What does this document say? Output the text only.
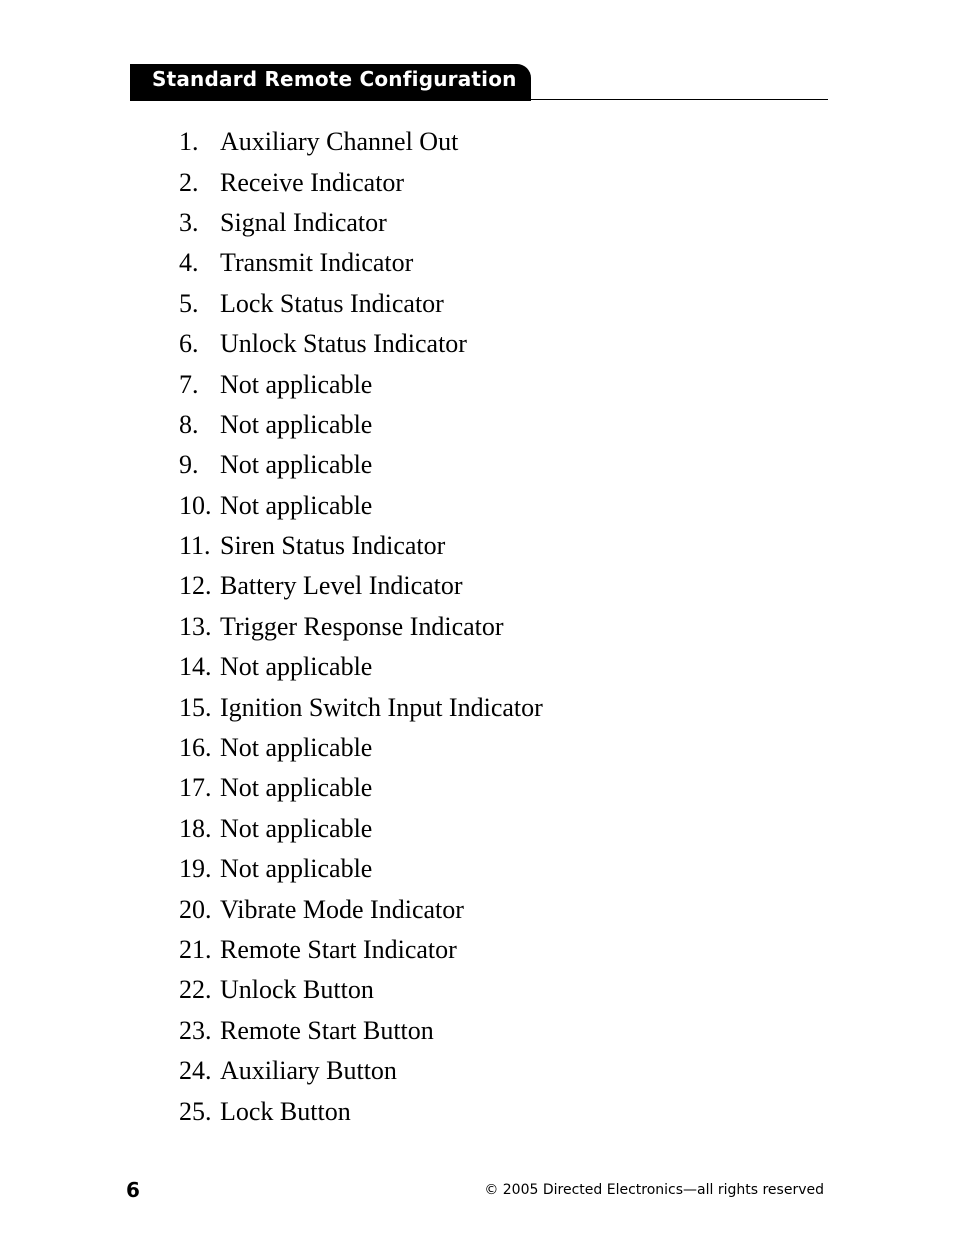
Standard Remote Configuration
1. Auxiliary Channel Out
2. Receive Indicator
3. Signal Indicator
4. Transmit Indicator
5. Lock Status Indicator
6. Unlock Status Indicator
7. Not applicable
8. Not applicable
9. Not applicable
10. Not applicable
11. Siren Status Indicator
12. Battery Level Indicator
13. Trigger Response Indicator
14. Not applicable
15. Ignition Switch Input Indicator
16. Not applicable
17. Not applicable
18. Not applicable
19. Not applicable
20. Vibrate Mode Indicator
21. Remote Start Indicator
22. Unlock Button
23. Remote Start Button
24. Auxiliary Button
25. Lock Button
6	© 2005 Directed Electronics—all rights reserved
